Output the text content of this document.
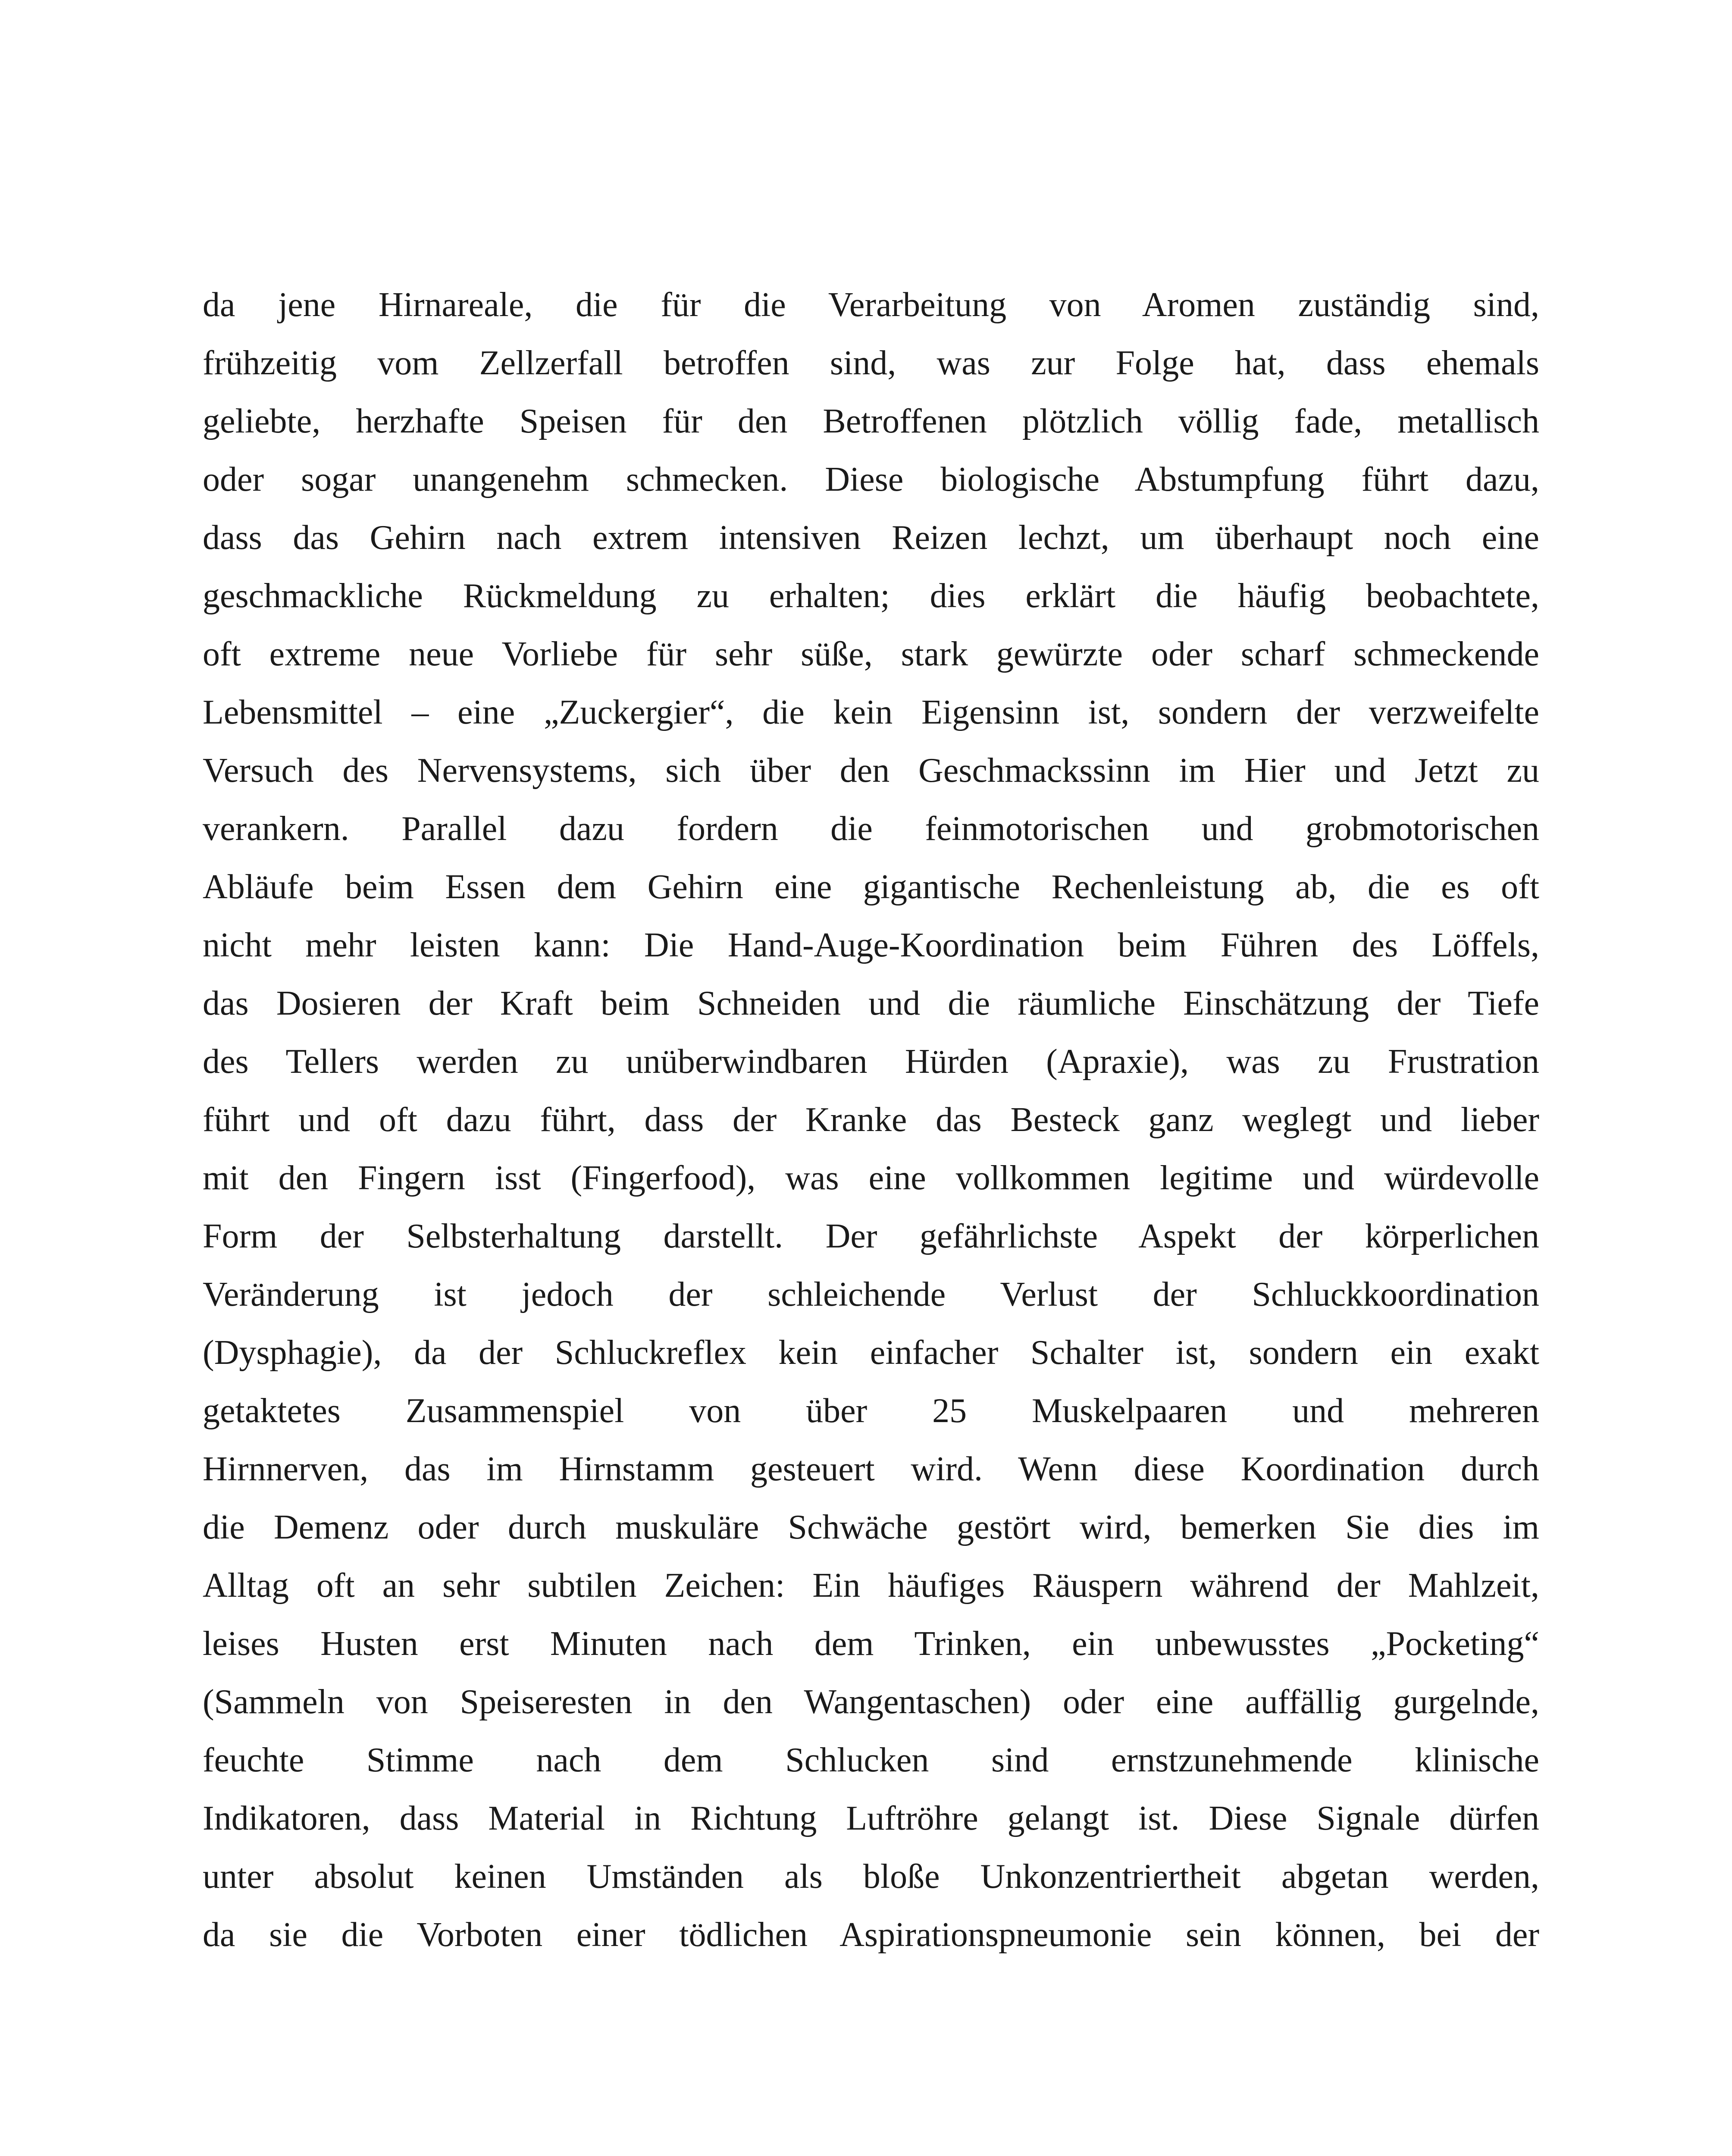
da jene Hirnareale, die für die Verarbeitung von Aromen zuständig sind,
frühzeitig vom Zellzerfall betroffen sind, was zur Folge hat, dass ehemals
geliebte, herzhafte Speisen für den Betroffenen plötzlich völlig fade, metallisch
oder sogar unangenehm schmecken. Diese biologische Abstumpfung führt dazu,
dass das Gehirn nach extrem intensiven Reizen lechzt, um überhaupt noch eine
geschmackliche Rückmeldung zu erhalten; dies erklärt die häufig beobachtete,
oft extreme neue Vorliebe für sehr süße, stark gewürzte oder scharf schmeckende
Lebensmittel – eine „Zuckergier“, die kein Eigensinn ist, sondern der verzweifelte
Versuch des Nervensystems, sich über den Geschmackssinn im Hier und Jetzt zu
verankern. Parallel dazu fordern die feinmotorischen und grobmotorischen
Abläufe beim Essen dem Gehirn eine gigantische Rechenleistung ab, die es oft
nicht mehr leisten kann: Die Hand-Auge-Koordination beim Führen des Löffels,
das Dosieren der Kraft beim Schneiden und die räumliche Einschätzung der Tiefe
des Tellers werden zu unüberwindbaren Hürden (Apraxie), was zu Frustration
führt und oft dazu führt, dass der Kranke das Besteck ganz weglegt und lieber
mit den Fingern isst (Fingerfood), was eine vollkommen legitime und würdevolle
Form der Selbsterhaltung darstellt. Der gefährlichste Aspekt der körperlichen
Veränderung ist jedoch der schleichende Verlust der Schluckkoordination
(Dysphagie), da der Schluckreflex kein einfacher Schalter ist, sondern ein exakt
getaktetes Zusammenspiel von über 25 Muskelpaaren und mehreren
Hirnnerven, das im Hirnstamm gesteuert wird. Wenn diese Koordination durch
die Demenz oder durch muskuläre Schwäche gestört wird, bemerken Sie dies im
Alltag oft an sehr subtilen Zeichen: Ein häufiges Räuspern während der Mahlzeit,
leises Husten erst Minuten nach dem Trinken, ein unbewusstes „Pocketing“
(Sammeln von Speiseresten in den Wangentaschen) oder eine auffällig gurgelnde,
feuchte Stimme nach dem Schlucken sind ernstzunehmende klinische
Indikatoren, dass Material in Richtung Luftröhre gelangt ist. Diese Signale dürfen
unter absolut keinen Umständen als bloße Unkonzentriertheit abgetan werden,
da sie die Vorboten einer tödlichen Aspirationspneumonie sein können, bei der
